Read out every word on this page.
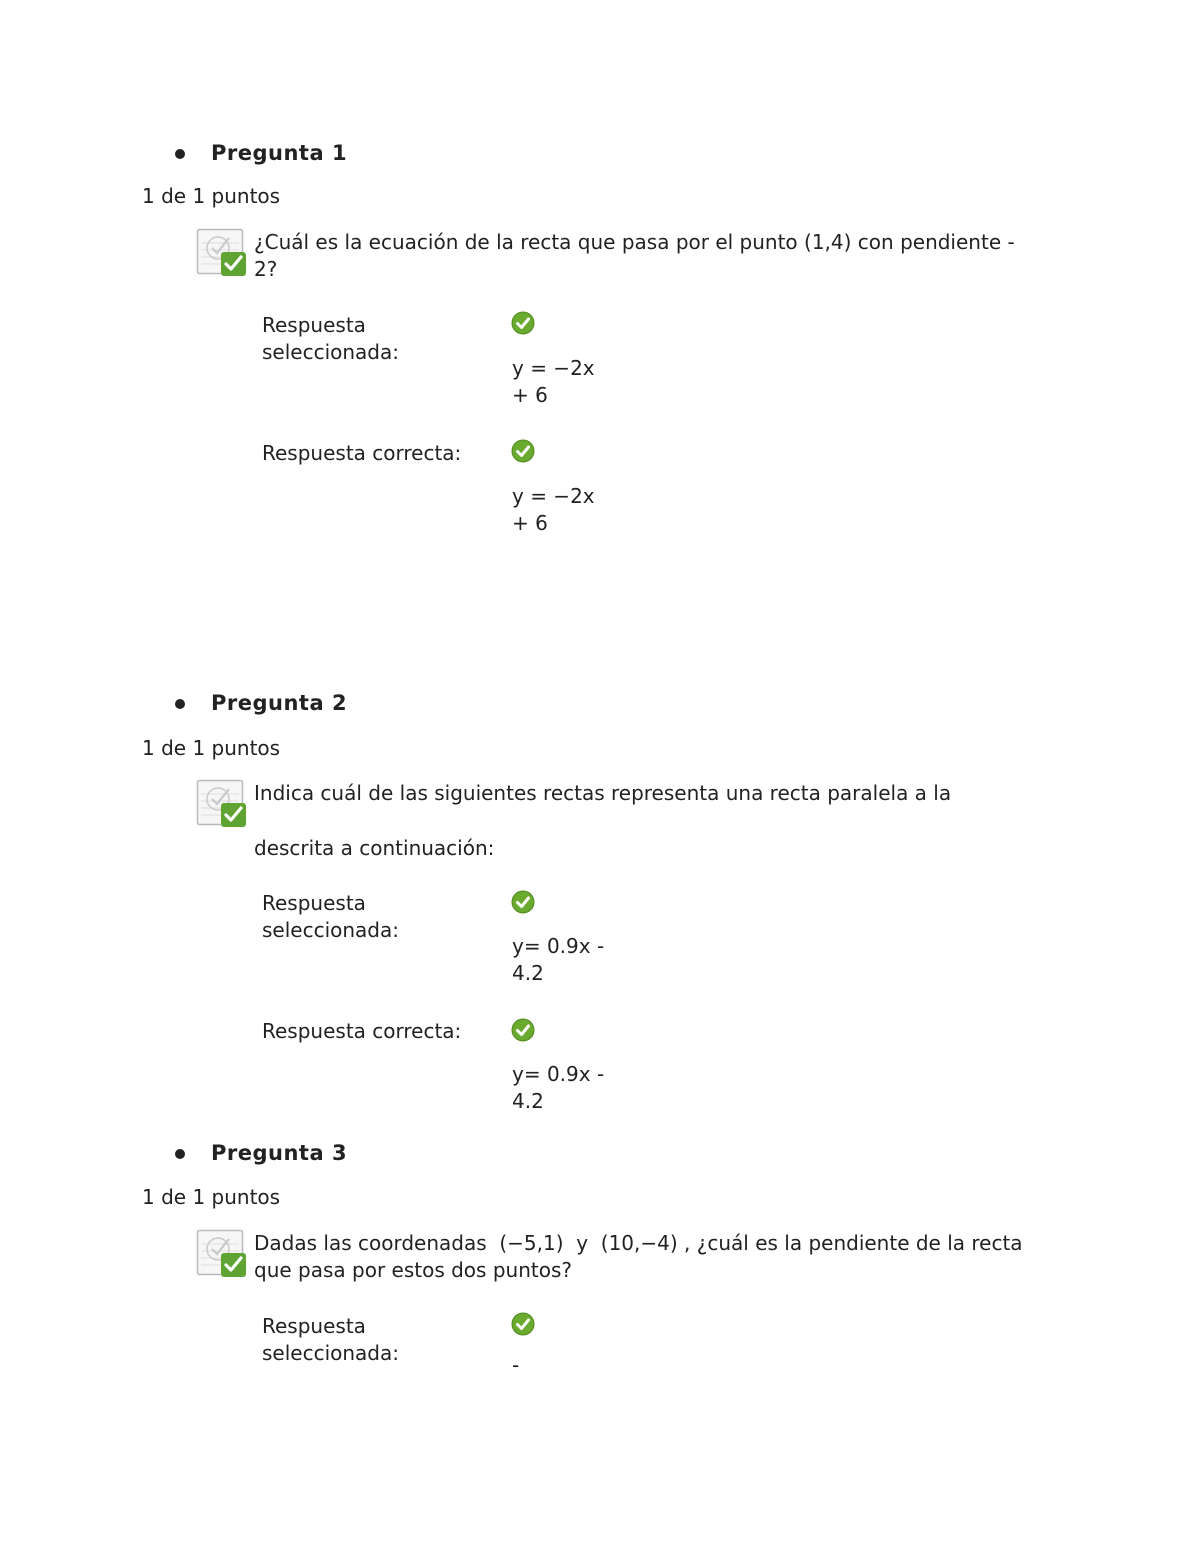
Pregunta 1
1 de 1 puntos
¿Cuál es la ecuación de la recta que pasa por el punto (1,4) con pendiente -
2?
Respuesta
seleccionada:
y = −2x
+ 6
Respuesta correcta:
y = −2x
+ 6
Pregunta 2
1 de 1 puntos
Indica cuál de las siguientes rectas representa una recta paralela a la
descrita a continuación:
Respuesta
seleccionada:
y= 0.9x -
4.2
Respuesta correcta:
y= 0.9x -
4.2
Pregunta 3
1 de 1 puntos
Dadas las coordenadas  (−5,1)  y  (10,−4) , ¿cuál es la pendiente de la recta
que pasa por estos dos puntos?
Respuesta
seleccionada:	-
